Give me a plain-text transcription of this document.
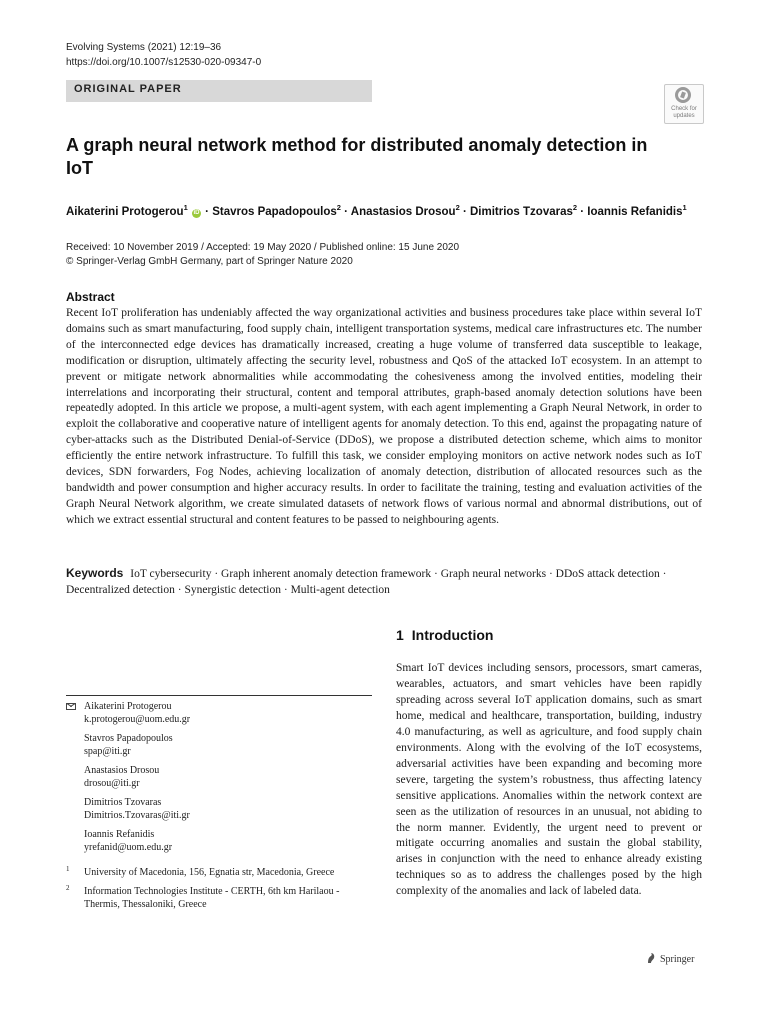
Evolving Systems (2021) 12:19–36
https://doi.org/10.1007/s12530-020-09347-0
ORIGINAL PAPER
Check for updates
A graph neural network method for distributed anomaly detection in IoT
Aikaterini Protogerou$^1$ iD · Stavros Papadopoulos$^2$ · Anastasios Drosou$^2$ · Dimitrios Tzovaras$^2$ · Ioannis Refanidis$^1$
Received: 10 November 2019 / Accepted: 19 May 2020 / Published online: 15 June 2020
© Springer-Verlag GmbH Germany, part of Springer Nature 2020
Abstract
Recent IoT proliferation has undeniably affected the way organizational activities and business procedures take place within several IoT domains such as smart manufacturing, food supply chain, intelligent transportation systems, medical care infrastructures etc. The number of the interconnected edge devices has dramatically increased, creating a huge volume of transferred data susceptible to leakage, modification or disruption, ultimately affecting the security level, robustness and QoS of the attacked IoT ecosystem. In an attempt to prevent or mitigate network abnormalities while accommodating the cohesiveness among the involved entities, modeling their interrelations and incorporating their structural, content and temporal attributes, graph-based anomaly detection solutions have been repeatedly adopted. In this article we propose, a multi-agent system, with each agent implementing a Graph Neural Network, in order to exploit the collaborative and cooperative nature of intelligent agents for anomaly detection. To this end, against the propagating nature of cyber-attacks such as the Distributed Denial-of-Service (DDoS), we propose a distributed detection scheme, which aims to monitor efficiently the entire network infrastructure. To fulfill this task, we consider employing monitors on active network nodes such as IoT devices, SDN forwarders, Fog Nodes, achieving localization of anomaly detection, distribution of allocated resources such as the bandwidth and power consumption and higher accuracy results. In order to facilitate the training, testing and evaluation activities of the Graph Neural Network algorithm, we create simulated datasets of network flows of various normal and abnormal distributions, out of which we extract essential structural and content features to be passed to neighbouring agents.
Keywords IoT cybersecurity · Graph inherent anomaly detection framework · Graph neural networks · DDoS attack detection · Decentralized detection · Synergistic detection · Multi-agent detection
1 Introduction
Smart IoT devices including sensors, processors, smart cameras, wearables, actuators, and smart vehicles have been rapidly spreading across several IoT application domains, such as smart home, medical and healthcare, transportation, building, industry 4.0 manufacturing, as well as agriculture, and food supply chain environments. Along with the evolving of the IoT ecosystems, adversarial activities have been expanding and becoming more severe, targeting the system’s robustness, thus affecting latency sensitive applications. Anomalies within the network context are seen as the utilization of resources in an unusual, not abiding to the norm manner. Evidently, the urgent need to prevent or mitigate occurring anomalies and sustain the global stability, arises in conjunction with the need to enhance already existing techniques so as to address the challenges posed by the high complexity of the anomalies and lack of labeled data.
Aikaterini Protogerou
k.protogerou@uom.edu.gr
Stavros Papadopoulos
spap@iti.gr
Anastasios Drosou
drosou@iti.gr
Dimitrios Tzovaras
Dimitrios.Tzovaras@iti.gr
Ioannis Refanidis
yrefanid@uom.edu.gr
1 University of Macedonia, 156, Egnatia str, Macedonia, Greece
2 Information Technologies Institute - CERTH, 6th km Harilaou - Thermis, Thessaloniki, Greece
Springer
